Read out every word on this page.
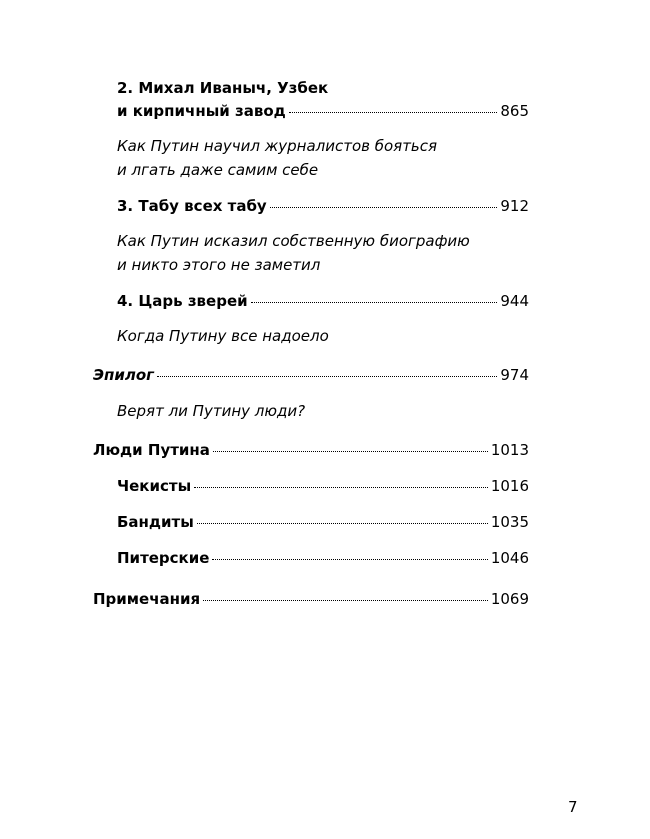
2. Михал Иваныч, Узбек
и кирпичный завод	865
Как Путин научил журналистов бояться
и лгать даже самим себе
3. Табу всех табу	912
Как Путин исказил собственную биографию
и никто этого не заметил
4. Царь зверей	944
Когда Путину все надоело
Эпилог	974
Верят ли Путину люди?
Люди Путина	1013
Чекисты	1016
Бандиты	1035
Питерские	1046
Примечания	1069
7
